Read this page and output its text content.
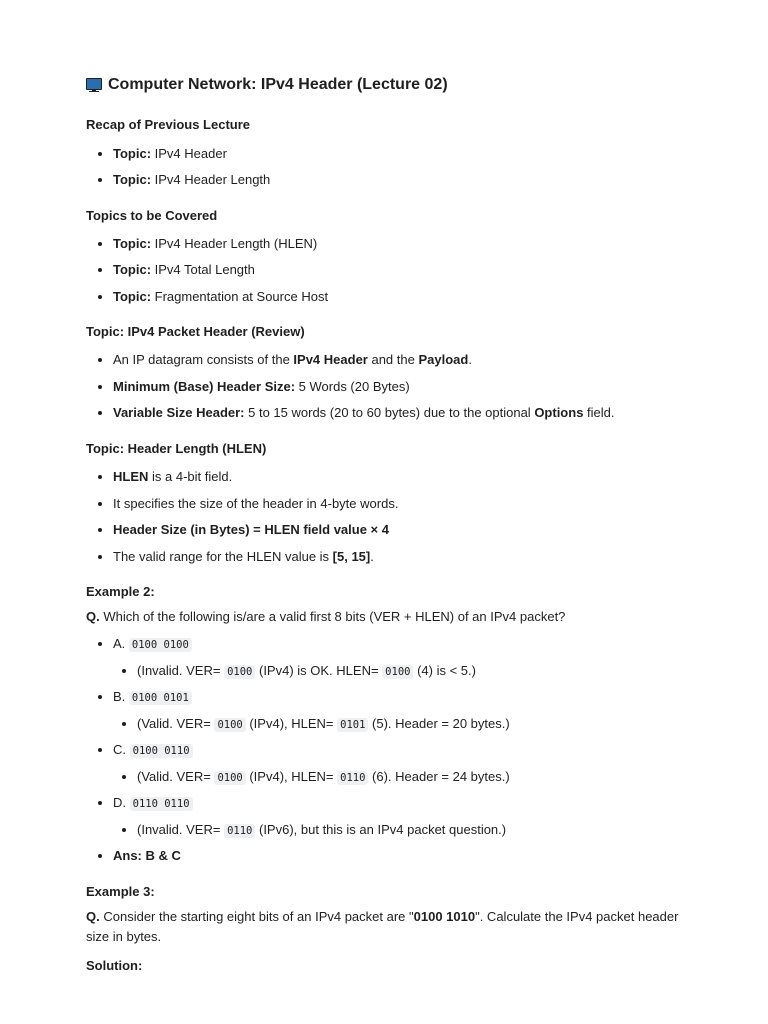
Computer Network: IPv4 Header (Lecture 02)
Recap of Previous Lecture
• Topic: IPv4 Header
• Topic: IPv4 Header Length
Topics to be Covered
• Topic: IPv4 Header Length (HLEN)
• Topic: IPv4 Total Length
• Topic: Fragmentation at Source Host
Topic: IPv4 Packet Header (Review)
• An IP datagram consists of the IPv4 Header and the Payload.
• Minimum (Base) Header Size: 5 Words (20 Bytes)
• Variable Size Header: 5 to 15 words (20 to 60 bytes) due to the optional Options field.
Topic: Header Length (HLEN)
• HLEN is a 4-bit field.
• It specifies the size of the header in 4-byte words.
• Header Size (in Bytes) = HLEN field value × 4
• The valid range for the HLEN value is [5, 15].
Example 2:

Q. Which of the following is/are a valid first 8 bits (VER + HLEN) of an IPv4 packet?

• A. 0100 0100
• (Invalid. VER= 0100 (IPv4) is OK. HLEN= 0100 (4) is < 5.)
• B. 0100 0101
• (Valid. VER= 0100 (IPv4), HLEN= 0101 (5). Header = 20 bytes.)
• C. 0100 0110
• (Valid. VER= 0100 (IPv4), HLEN= 0110 (6). Header = 24 bytes.)
• D. 0110 0110
• (Invalid. VER= 0110 (IPv6), but this is an IPv4 packet question.)
• Ans: B & C
Example 3:

Q. Consider the starting eight bits of an IPv4 packet are "0100 1010". Calculate the IPv4 packet header size in bytes.

Solution:
